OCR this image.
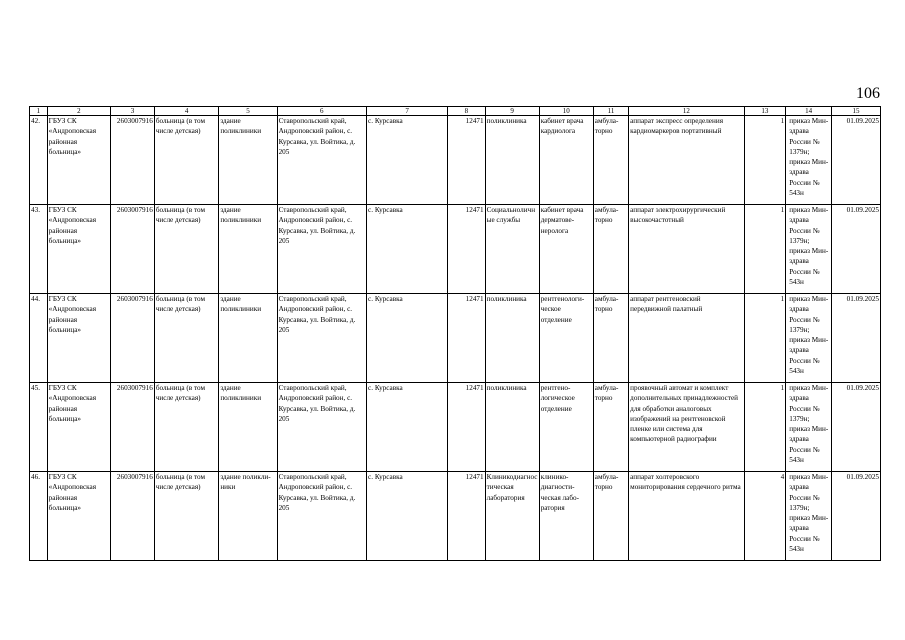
106
1	2	3	4	5	6	7	8	9	10	11	12	13	14	15
42.	ГБУЗ СК «Андроповская районная больница»	2603007916	больница (в том числе детская)	здание поликлиники	Ставропольский край, Андроповский район, с. Курсавка, ул. Войтика, д. 205	с. Курсавка	12471	поликлиника	кабинет врача кардиолога	амбула-торно	аппарат экспресс определения кардиомаркеров портативный	1	приказ Мин-здрава России № 1379н; приказ Мин-здрава России № 543н	01.09.2025
43.	ГБУЗ СК «Андроповская районная больница»	2603007916	больница (в том числе детская)	здание поликлиники	Ставропольский край, Андроповский район, с. Курсавка, ул. Войтика, д. 205	с. Курсавка	12471	Социальноличные службы	кабинет врача дерматове-неролога	амбула-торно	аппарат электрохирургический высокочастотный	1	приказ Мин-здрава России № 1379н; приказ Мин-здрава России № 543н	01.09.2025
44.	ГБУЗ СК «Андроповская районная больница»	2603007916	больница (в том числе детская)	здание поликлиники	Ставропольский край, Андроповский район, с. Курсавка, ул. Войтика, д. 205	с. Курсавка	12471	поликлиника	рентгенологи-ческое отделение	амбула-торно	аппарат рентгеновский передвижной палатный	1	приказ Мин-здрава России № 1379н; приказ Мин-здрава России № 543н	01.09.2025
45.	ГБУЗ СК «Андроповская районная больница»	2603007916	больница (в том числе детская)	здание поликлиники	Ставропольский край, Андроповский район, с. Курсавка, ул. Войтика, д. 205	с. Курсавка	12471	поликлиника	рентгено-логическое отделение	амбула-торно	проявочный автомат и комплект дополнительных принадлежностей для обработки аналоговых изображений на рентгеновской пленке или система для компьютерной радиографии	1	приказ Мин-здрава России № 1379н; приказ Мин-здрава России № 543н	01.09.2025
46.	ГБУЗ СК «Андроповская районная больница»	2603007916	больница (в том числе детская)	здание поликли-ники	Ставропольский край, Андроповский район, с. Курсавка, ул. Войтика, д. 205	с. Курсавка	12471	Клиникодиагностическая лаборатория	клинико-диагности-ческая лабо-ратория	амбула-торно	аппарат холтеровского мониторирования сердечного ритма	4	приказ Мин-здрава России № 1379н; приказ Мин-здрава России № 543н	01.09.2025
